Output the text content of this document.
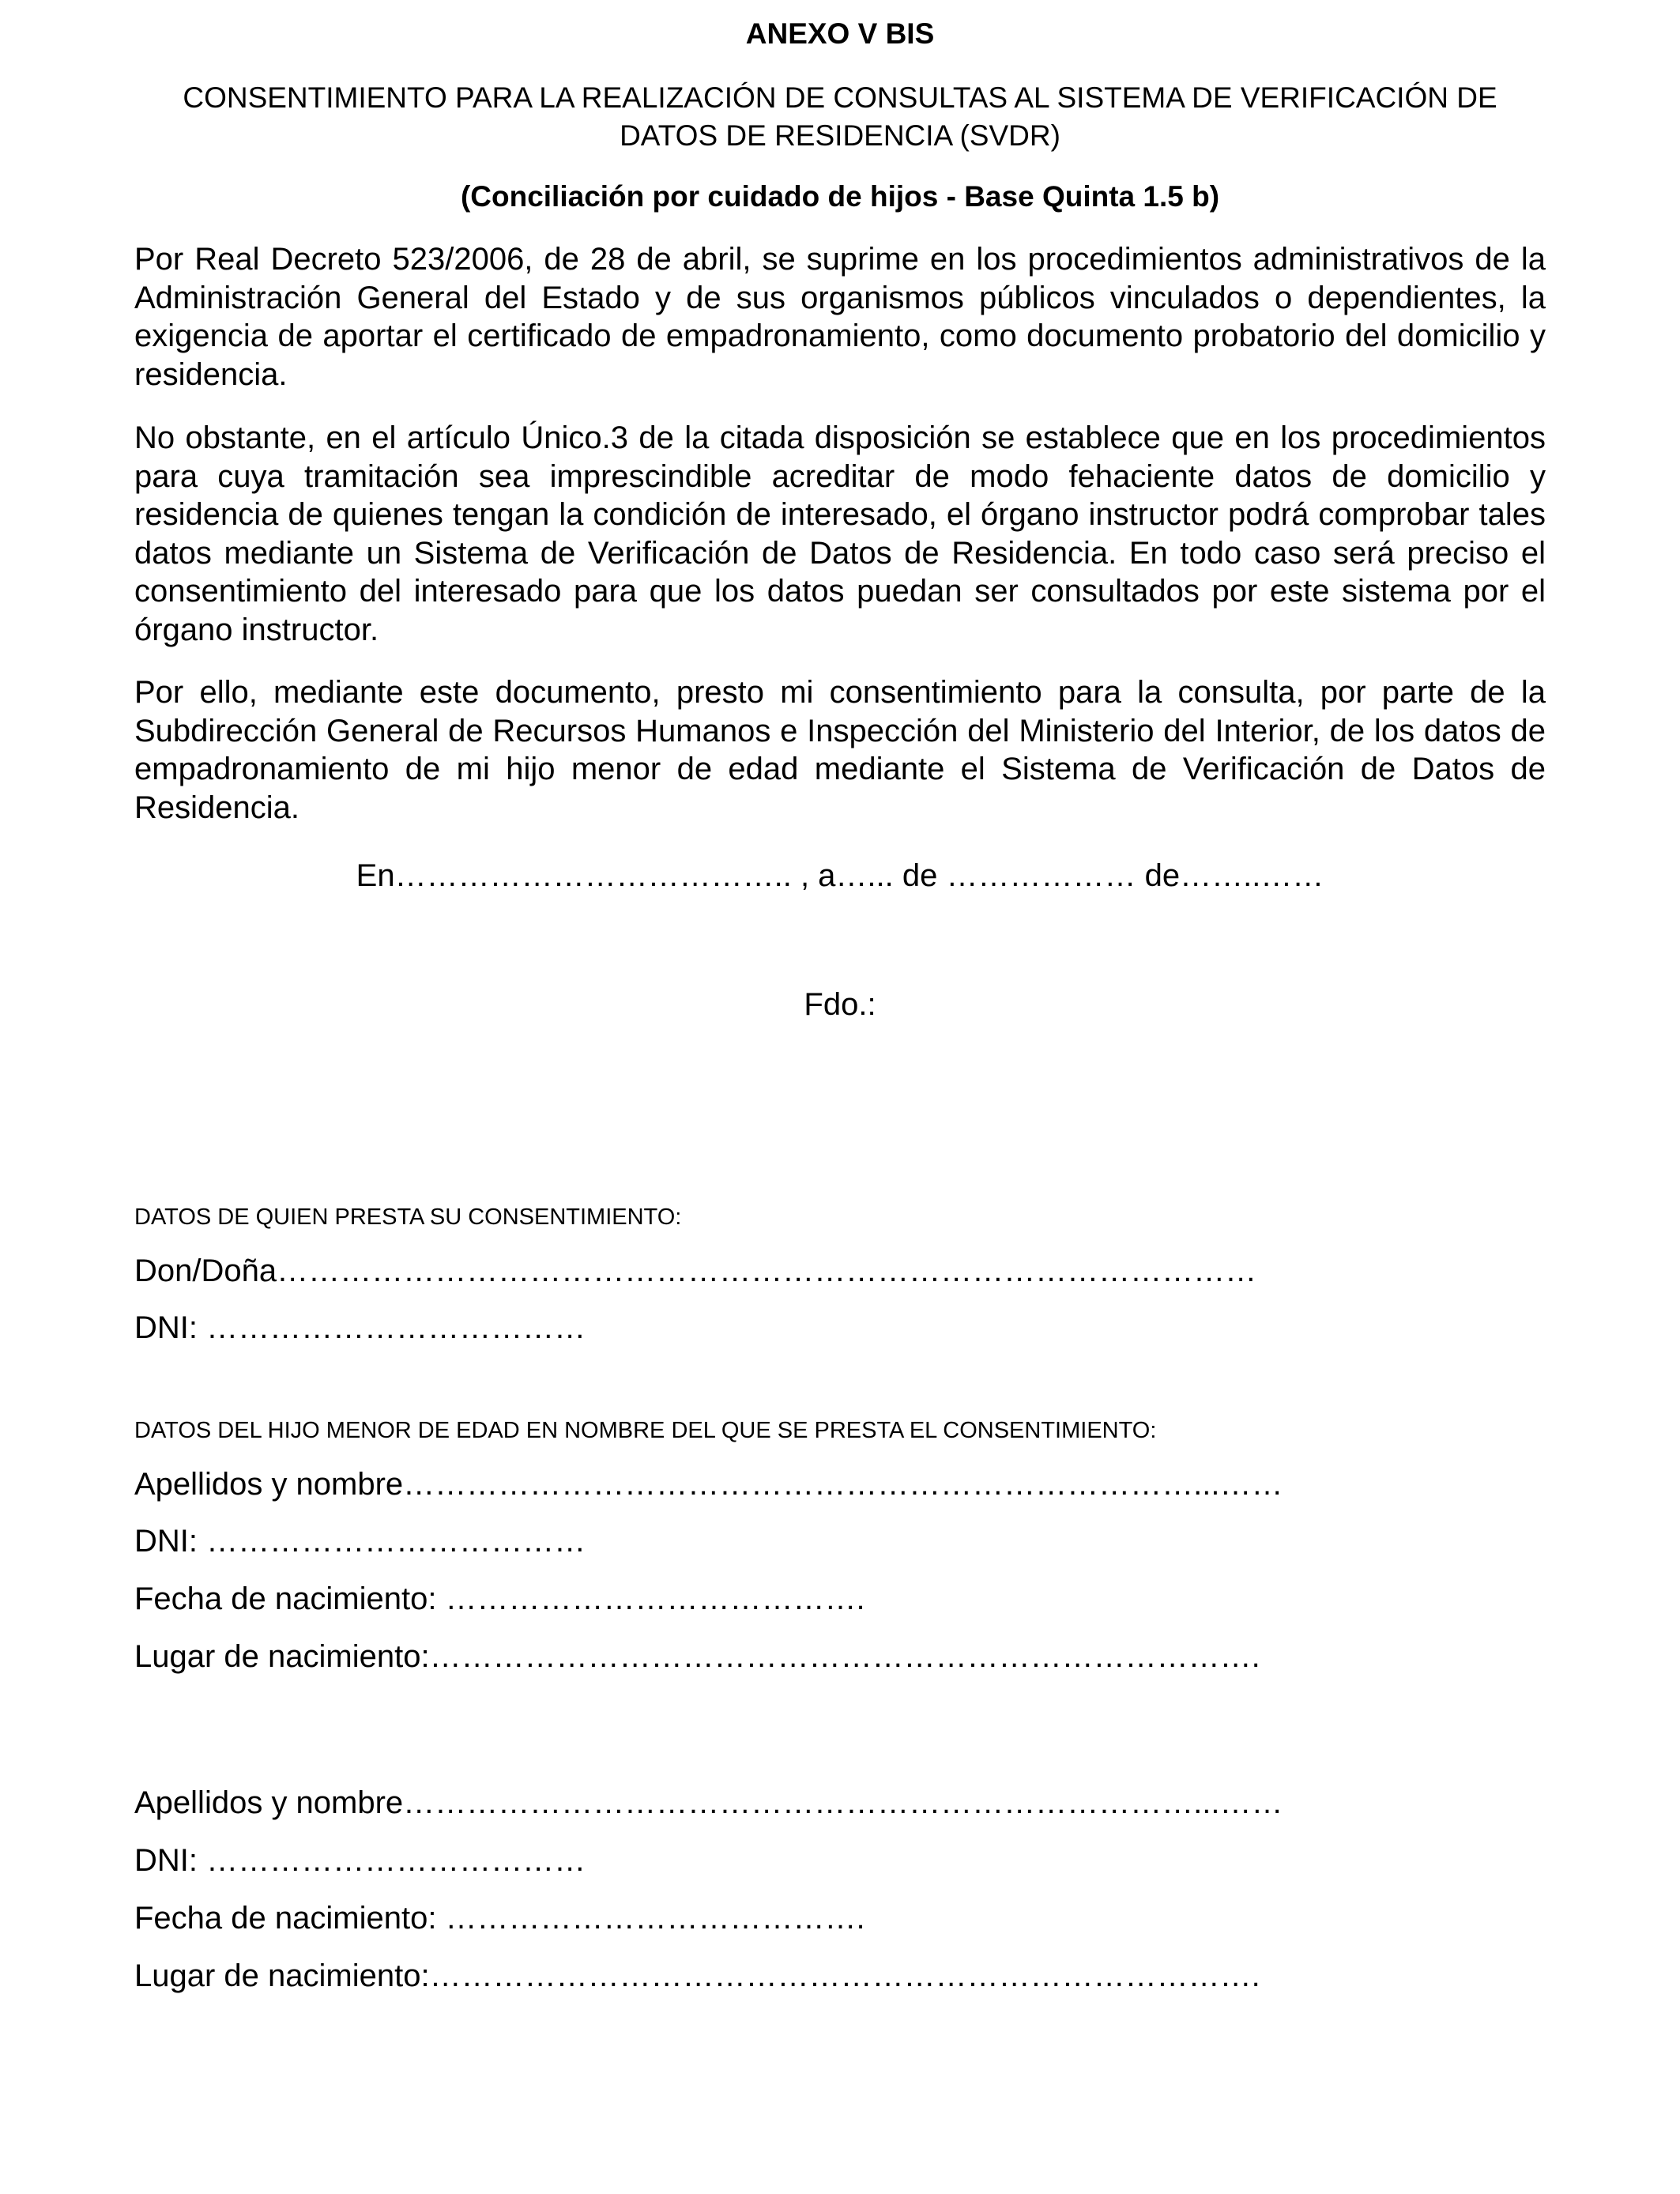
ANEXO V BIS
CONSENTIMIENTO PARA LA REALIZACIÓN DE CONSULTAS AL SISTEMA DE VERIFICACIÓN DE DATOS DE RESIDENCIA (SVDR)
(Conciliación por cuidado de hijos - Base Quinta 1.5 b)

Por Real Decreto 523/2006, de 28 de abril, se suprime en los procedimientos administrativos de la Administración General del Estado y de sus organismos públicos vinculados o dependientes, la exigencia de aportar el certificado de empadronamiento, como documento probatorio del domicilio y residencia.

No obstante, en el artículo Único.3 de la citada disposición se establece que en los procedimientos para cuya tramitación sea imprescindible acreditar de modo fehaciente datos de domicilio y residencia de quienes tengan la condición de interesado, el órgano instructor podrá comprobar tales datos mediante un Sistema de Verificación de Datos de Residencia. En todo caso será preciso el consentimiento del interesado para que los datos puedan ser consultados por este sistema por el órgano instructor.

Por ello, mediante este documento, presto mi consentimiento para la consulta, por parte de la Subdirección General de Recursos Humanos e Inspección del Ministerio del Interior, de los datos de empadronamiento de mi hijo menor de edad mediante el Sistema de Verificación de Datos de Residencia.

En……………………………….. , a…... de ……………… de……..……

Fdo.:

DATOS DE QUIEN PRESTA SU CONSENTIMIENTO:

Don/Doña…………………………………………………………………………………

DNI: ………………………………

DATOS DEL HIJO MENOR DE EDAD EN NOMBRE DEL QUE SE PRESTA EL CONSENTIMIENTO:

Apellidos y nombre…………………………………………………………………...……

DNI: ………………………………

Fecha de nacimiento: ………………………………….

Lugar de nacimiento:…………………………………………………………………….

Apellidos y nombre…………………………………………………………………...……

DNI: ………………………………

Fecha de nacimiento: ………………………………….

Lugar de nacimiento:…………………………………………………………………….
